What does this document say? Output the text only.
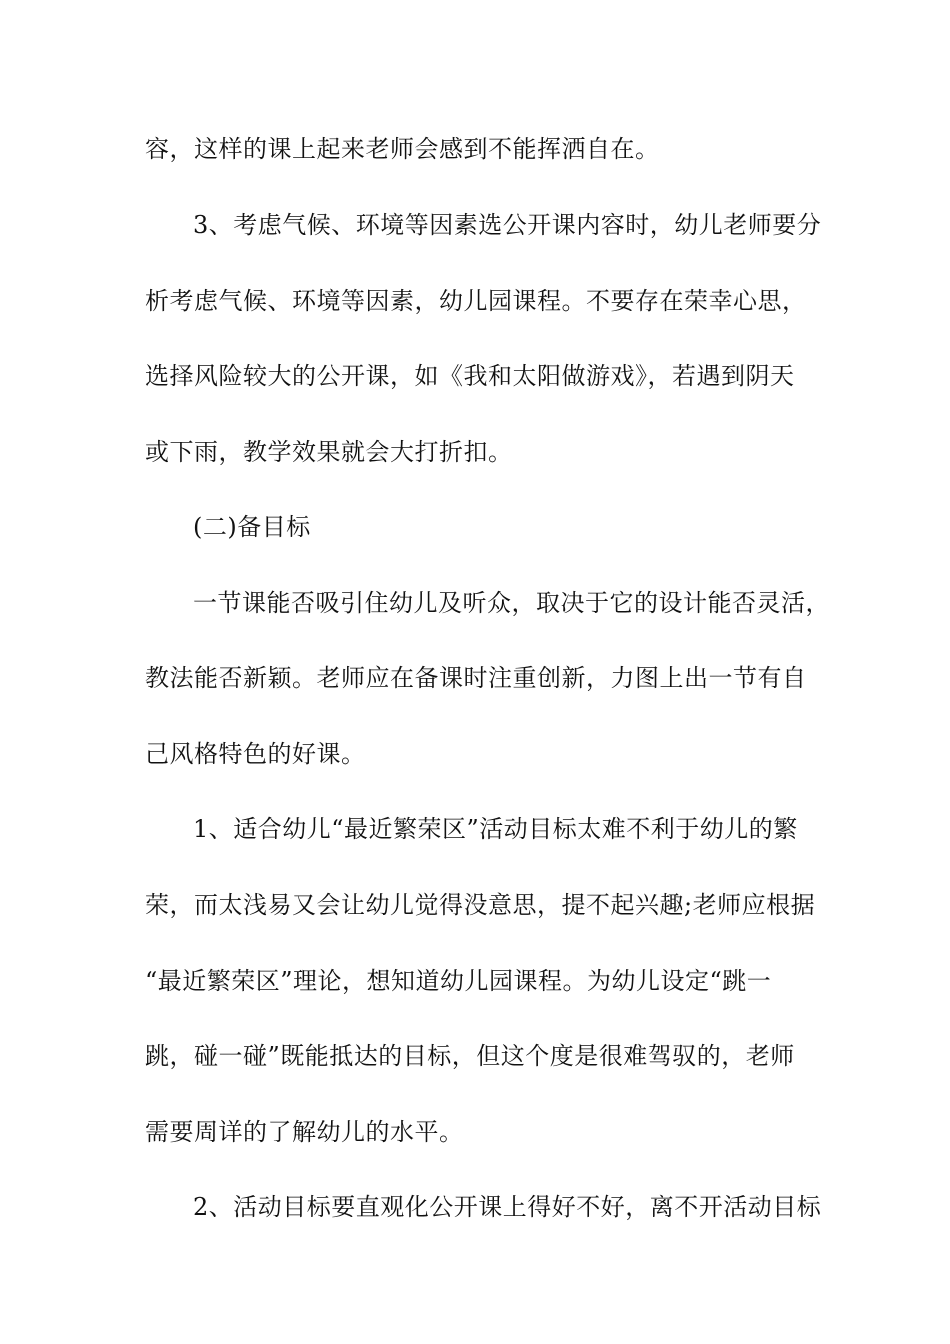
容，这样的课上起来老师会感到不能挥洒自在。
3、考虑气候、环境等因素选公开课内容时，幼儿老师要分
析考虑气候、环境等因素，幼儿园课程。不要存在荣幸心思，
选择风险较大的公开课，如《我和太阳做游戏》，若遇到阴天
或下雨，教学效果就会大打折扣。
(二)备目标
一节课能否吸引住幼儿及听众，取决于它的设计能否灵活，
教法能否新颖。老师应在备课时注重创新，力图上出一节有自
己风格特色的好课。
1、适合幼儿“最近繁荣区”活动目标太难不利于幼儿的繁
荣，而太浅易又会让幼儿觉得没意思，提不起兴趣;老师应根据
“最近繁荣区”理论，想知道幼儿园课程。为幼儿设定“跳一
跳，碰一碰”既能抵达的目标，但这个度是很难驾驭的，老师
需要周详的了解幼儿的水平。
2、活动目标要直观化公开课上得好不好，离不开活动目标
